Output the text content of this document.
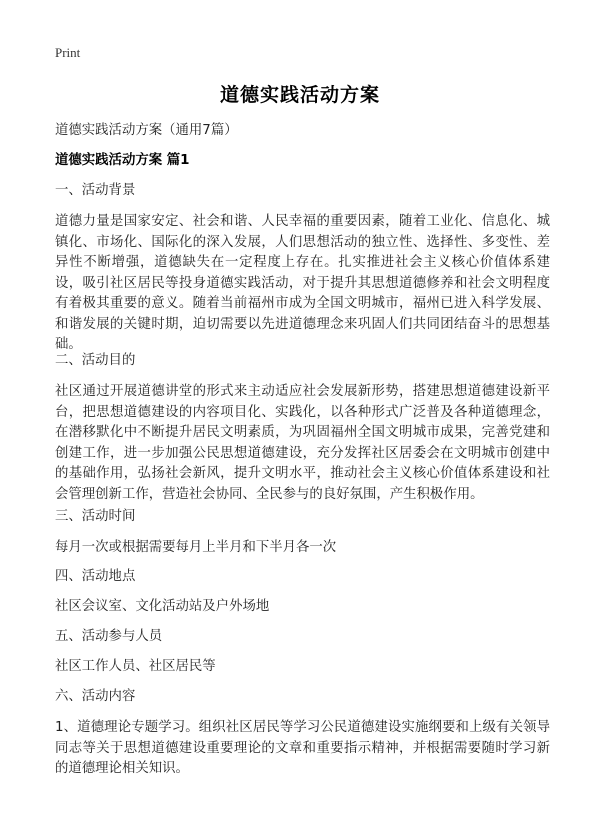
Print
道德实践活动方案
道德实践活动方案（通用7篇）
道德实践活动方案 篇1
一、活动背景
道德力量是国家安定、社会和谐、人民幸福的重要因素，随着工业化、信息化、城镇化、市场化、国际化的深入发展，人们思想活动的独立性、选择性、多变性、差异性不断增强，道德缺失在一定程度上存在。扎实推进社会主义核心价值体系建设，吸引社区居民等投身道德实践活动，对于提升其思想道德修养和社会文明程度有着极其重要的意义。随着当前福州市成为全国文明城市，福州已进入科学发展、和谐发展的关键时期，迫切需要以先进道德理念来巩固人们共同团结奋斗的思想基础。
二、活动目的
社区通过开展道德讲堂的形式来主动适应社会发展新形势，搭建思想道德建设新平台，把思想道德建设的内容项目化、实践化，以各种形式广泛普及各种道德理念，在潜移默化中不断提升居民文明素质，为巩固福州全国文明城市成果，完善党建和创建工作，进一步加强公民思想道德建设，充分发挥社区居委会在文明城市创建中的基础作用，弘扬社会新风，提升文明水平，推动社会主义核心价值体系建设和社会管理创新工作，营造社会协同、全民参与的良好氛围，产生积极作用。
三、活动时间
每月一次或根据需要每月上半月和下半月各一次
四、活动地点
社区会议室、文化活动站及户外场地
五、活动参与人员
社区工作人员、社区居民等
六、活动内容
1、道德理论专题学习。组织社区居民等学习公民道德建设实施纲要和上级有关领导同志等关于思想道德建设重要理论的文章和重要指示精神，并根据需要随时学习新的道德理论相关知识。
